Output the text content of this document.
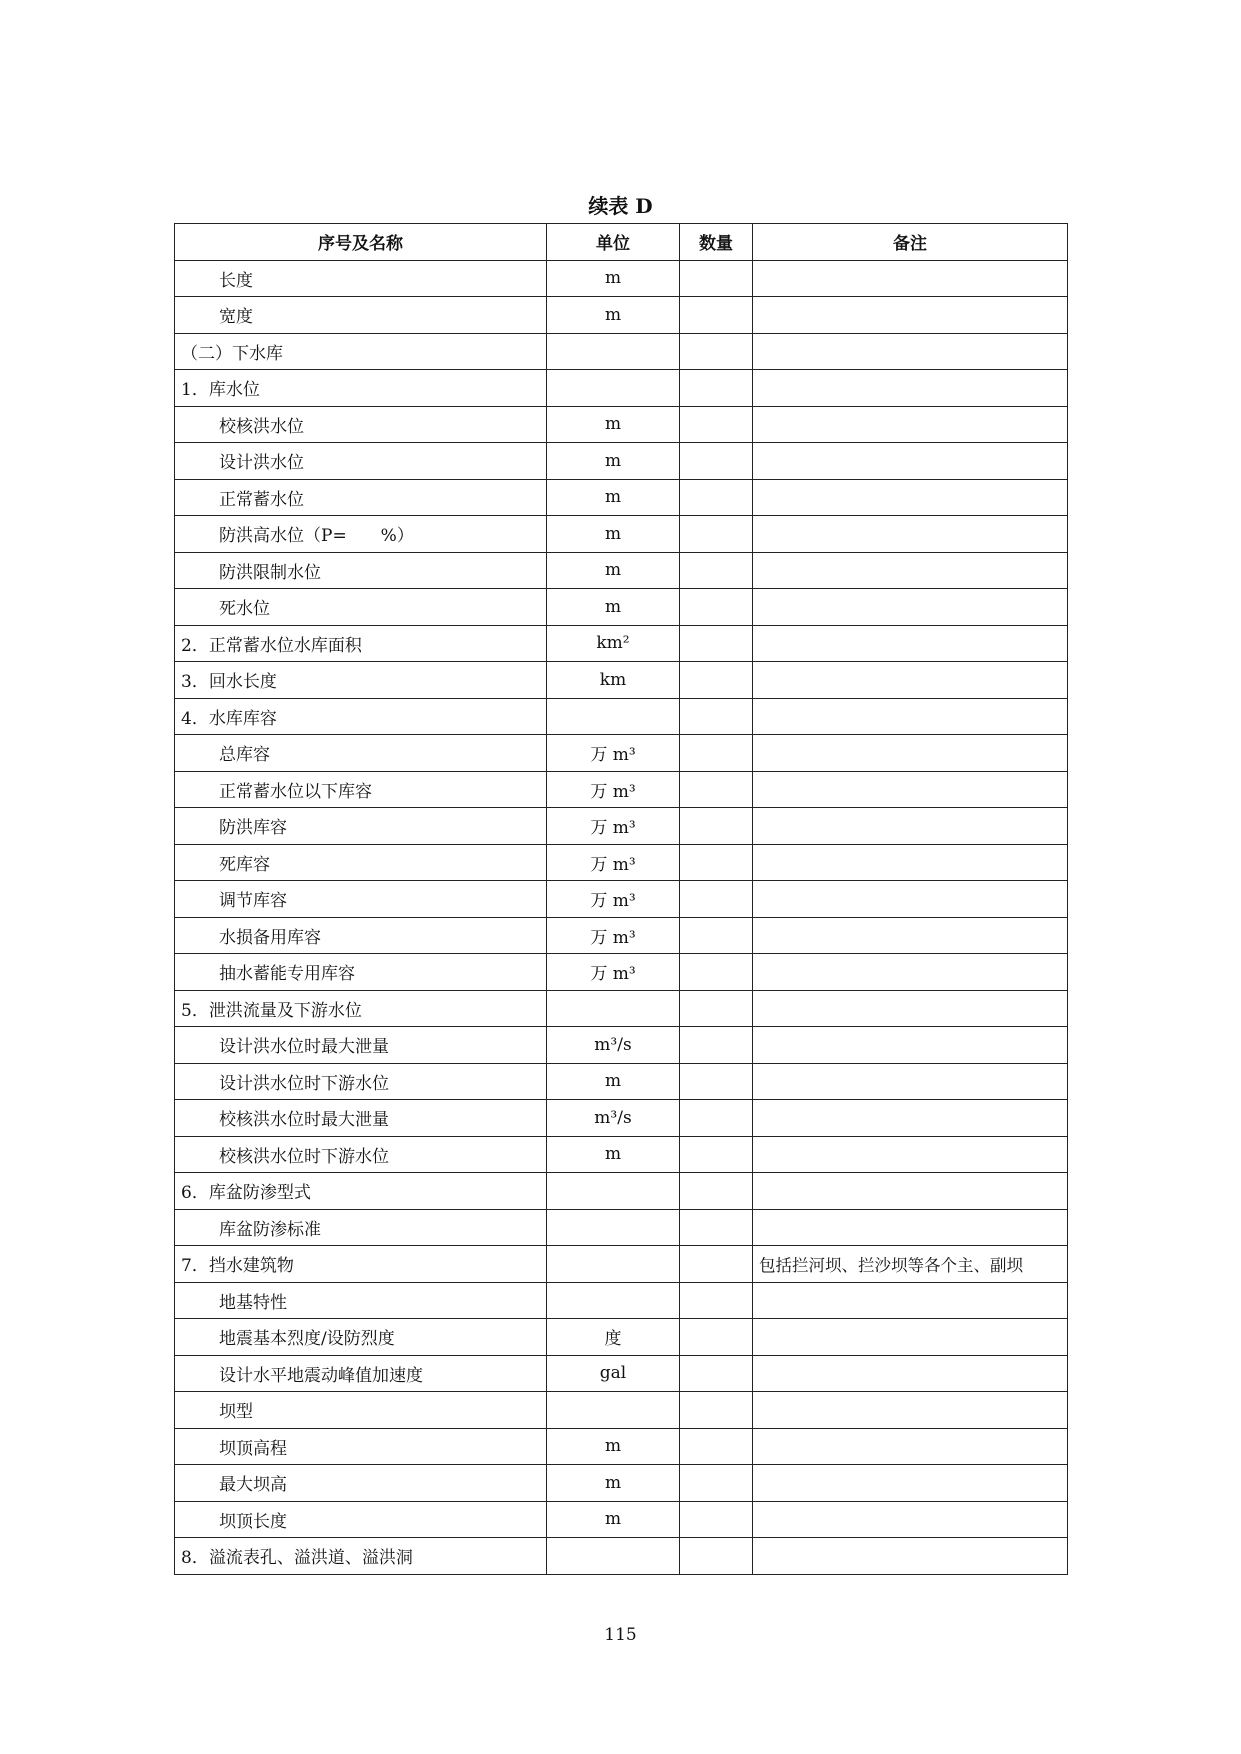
续表 D
序号及名称	单位	数量	备注
长度	m		
宽度	m		
（二）下水库			
1．库水位			
校核洪水位	m		
设计洪水位	m		
正常蓄水位	m		
防洪高水位（P=　　%）	m		
防洪限制水位	m		
死水位	m		
2．正常蓄水位水库面积	km²		
3．回水长度	km		
4．水库库容			
总库容	万 m³		
正常蓄水位以下库容	万 m³		
防洪库容	万 m³		
死库容	万 m³		
调节库容	万 m³		
水损备用库容	万 m³		
抽水蓄能专用库容	万 m³		
5．泄洪流量及下游水位			
设计洪水位时最大泄量	m³/s		
设计洪水位时下游水位	m		
校核洪水位时最大泄量	m³/s		
校核洪水位时下游水位	m		
6．库盆防渗型式			
库盆防渗标准			
7．挡水建筑物			包括拦河坝、拦沙坝等各个主、副坝
地基特性			
地震基本烈度/设防烈度	度		
设计水平地震动峰值加速度	gal		
坝型			
坝顶高程	m		
最大坝高	m		
坝顶长度	m		
8．溢流表孔、溢洪道、溢洪洞			
115
